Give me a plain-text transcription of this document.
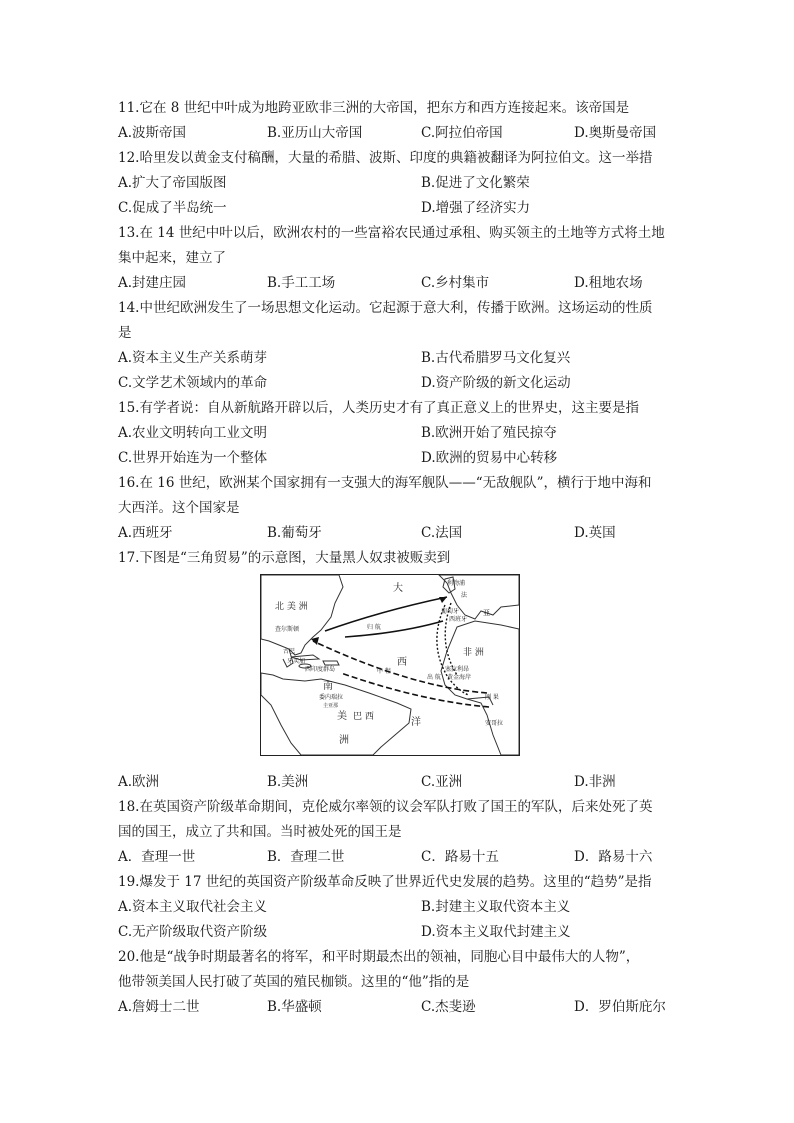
11.它在 8 世纪中叶成为地跨亚欧非三洲的大帝国，把东方和西方连接起来。该帝国是
A.波斯帝国	B.亚历山大帝国	C.阿拉伯帝国	D.奥斯曼帝国
12.哈里发以黄金支付稿酬，大量的希腊、波斯、印度的典籍被翻译为阿拉伯文。这一举措
A.扩大了帝国版图	B.促进了文化繁荣
C.促成了半岛统一	D.增强了经济实力
13.在 14 世纪中叶以后，欧洲农村的一些富裕农民通过承租、购买领主的土地等方式将土地
集中起来，建立了
A.封建庄园	B.手工工场	C.乡村集市	D.租地农场
14.中世纪欧洲发生了一场思想文化运动。它起源于意大利，传播于欧洲。这场运动的性质
是
A.资本主义生产关系萌芽	B.古代希腊罗马文化复兴
C.文学艺术领域内的革命	D.资产阶级的新文化运动
15.有学者说：自从新航路开辟以后，人类历史才有了真正意义上的世界史，这主要是指
A.农业文明转向工业文明	B.欧洲开始了殖民掠夺
C.世界开始连为一个整体	D.欧洲的贸易中心转移
16.在 16 世纪，欧洲某个国家拥有一支强大的海军舰队——“无敌舰队”，横行于地中海和
大西洋。这个国家是
A.西班牙	B.葡萄牙	C.法国	D.英国
17.下图是“三角贸易”的示意图，大量黑人奴隶被贩卖到
A.欧洲	B.美洲	C.亚洲	D.非洲
18.在英国资产阶级革命期间，克伦威尔率领的议会军队打败了国王的军队，后来处死了英
国的国王，成立了共和国。当时被处死的国王是
A．查理一世	B．查理二世	C．路易十五	D．路易十六
19.爆发于 17 世纪的英国资产阶级革命反映了世界近代史发展的趋势。这里的“趋势”是指
A.资本主义取代社会主义	B.封建主义取代资本主义
C.无产阶级取代资产阶级	D.资本主义取代封建主义
20.他是“战争时期最著名的将军，和平时期最杰出的领袖，同胞心目中最伟大的人物”，
他带领美国人民打破了英国的殖民枷锁。这里的“他”指的是
A.詹姆士二世	B.华盛顿	C.杰斐逊	D．罗伯斯庇尔
北 美 洲
大
西
洋
南
美
洲
巴 西
非 洲
利物浦
法
葡萄牙
西班牙
亚
查尔斯顿	归 航
古巴
牙买加
西印度群岛	中 程
委内瑞拉
圭亚那
出 航
塞拉利昂
黄金海岸
刚 果
安哥拉
